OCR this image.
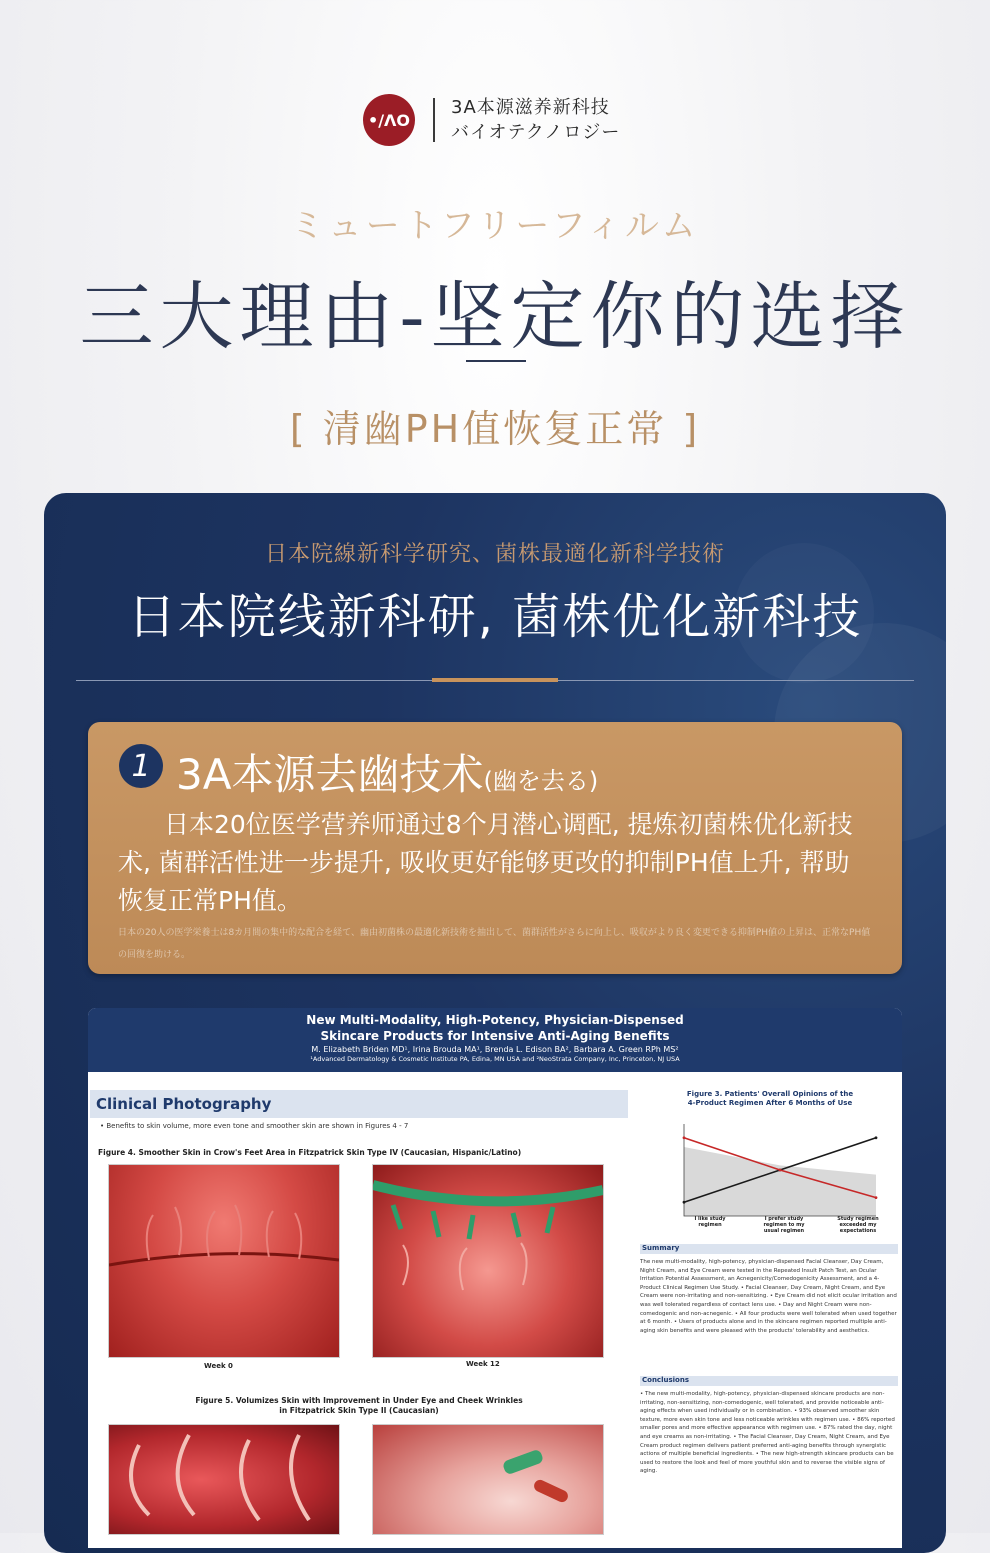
•/ΛO
3A本源滋养新科技
バイオテクノロジー
ミュートフリーフィルム
三大理由-坚定你的选择
[ 清幽PH值恢复正常 ]
日本院線新科学研究、菌株最適化新科学技術
日本院线新科研, 菌株优化新科技
1 3A本源去幽技术(幽を去る)
日本20位医学营养师通过8个月潜心调配, 提炼初菌株优化新技术, 菌群活性进一步提升, 吸收更好能够更改的抑制PH值上升, 帮助恢复正常PH值。
日本の20人の医学栄養士は8カ月間の集中的な配合を経て、幽由初菌株の最適化新技術を抽出して、菌群活性がさらに向上し、吸収がより良く変更できる抑制PH値の上昇は、正常なPH値の回復を助ける。
New Multi-Modality, High-Potency, Physician-Dispensed
Skincare Products for Intensive Anti-Aging Benefits
M. Elizabeth Briden MD¹, Irina Brouda MA¹, Brenda L. Edison BA², Barbara A. Green RPh MS²
¹Advanced Dermatology & Cosmetic Institute PA, Edina, MN USA and ²NeoStrata Company, Inc, Princeton, NJ USA
Clinical Photography
• Benefits to skin volume, more even tone and smoother skin are shown in Figures 4 - 7
Figure 4. Smoother Skin in Crow's Feet Area in Fitzpatrick Skin Type IV (Caucasian, Hispanic/Latino)
Week 0	Week 12
Figure 5. Volumizes Skin with Improvement in Under Eye and Cheek Wrinkles
in Fitzpatrick Skin Type II (Caucasian)
Figure 3. Patients' Overall Opinions of the
4-Product Regimen After 6 Months of Use
I like study regimen
I prefer study regimen to my usual regimen
Study regimen exceeded my expectations
Summary
The new multi-modality, high-potency, physician-dispensed Facial Cleanser, Day Cream, Night Cream, and Eye Cream were tested in the Repeated Insult Patch Test, an Ocular Irritation Potential Assessment, an Acnegenicity/Comedogenicity Assessment, and a 4-Product Clinical Regimen Use Study. • Facial Cleanser, Day Cream, Night Cream, and Eye Cream were non-irritating and non-sensitizing. • Eye Cream did not elicit ocular irritation and was well tolerated regardless of contact lens use. • Day and Night Cream were non-comedogenic and non-acnegenic. • All four products were well tolerated when used together at 6 month. • Users of products alone and in the skincare regimen reported multiple anti-aging skin benefits and were pleased with the products' tolerability and aesthetics.
Conclusions
• The new multi-modality, high-potency, physician-dispensed skincare products are non-irritating, non-sensitizing, non-comedogenic, well tolerated, and provide noticeable anti-aging effects when used individually or in combination. • 93% observed smoother skin texture, more even skin tone and less noticeable wrinkles with regimen use. • 86% reported smaller pores and more effective appearance with regimen use. • 87% rated the day, night and eye creams as non-irritating. • The Facial Cleanser, Day Cream, Night Cream, and Eye Cream product regimen delivers patient preferred anti-aging benefits through synergistic actions of multiple beneficial ingredients. • The new high-strength skincare products can be used to restore the look and feel of more youthful skin and to reverse the visible signs of aging.
